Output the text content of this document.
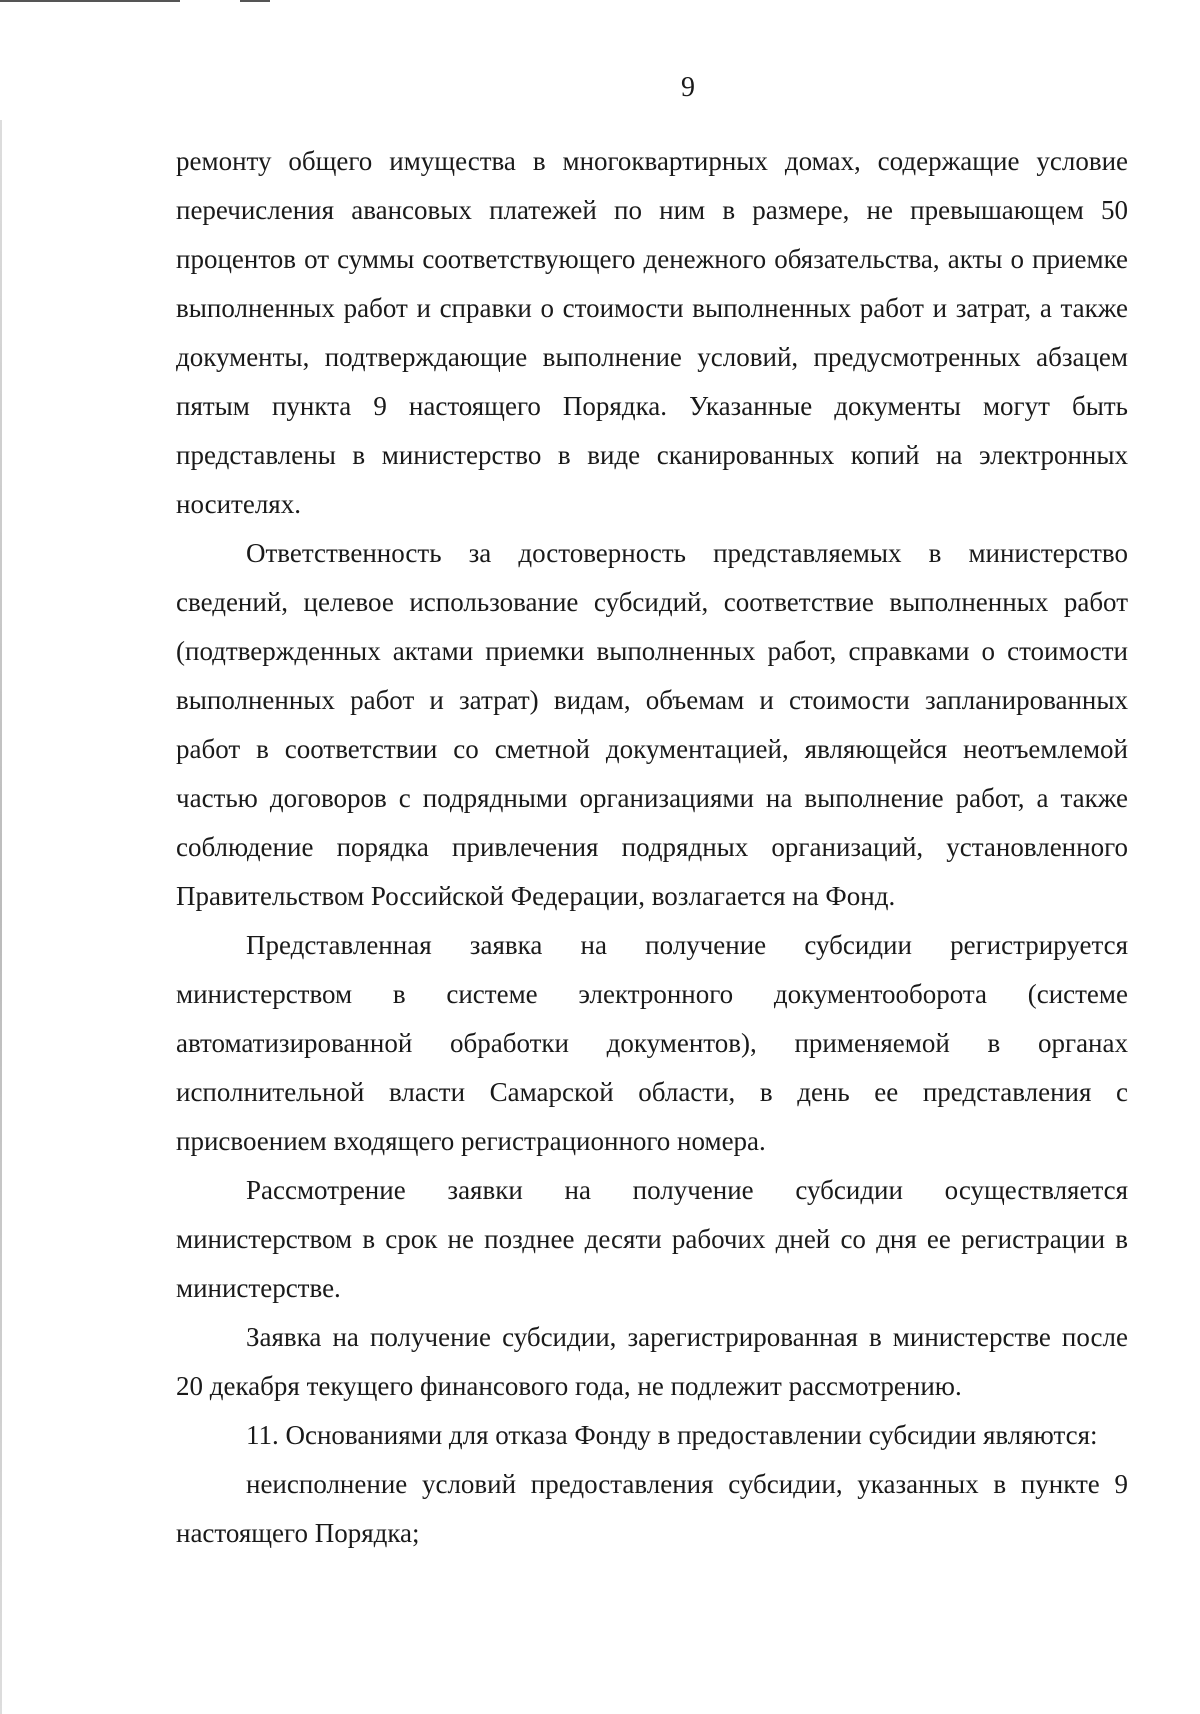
9

ремонту общего имущества в многоквартирных домах, содержащие условие перечисления авансовых платежей по ним в размере, не превышающем 50 процентов от суммы соответствующего денежного обязательства, акты о приемке выполненных работ и справки о стоимости выполненных работ и затрат, а также документы, подтверждающие выполнение условий, предусмотренных абзацем пятым пункта 9 настоящего Порядка. Указанные документы могут быть представлены в министерство в виде сканированных копий на электронных носителях.

Ответственность за достоверность представляемых в министерство сведений, целевое использование субсидий, соответствие выполненных работ (подтвержденных актами приемки выполненных работ, справками о стоимости выполненных работ и затрат) видам, объемам и стоимости запланированных работ в соответствии со сметной документацией, являющейся неотъемлемой частью договоров с подрядными организациями на выполнение работ, а также соблюдение порядка привлечения подрядных организаций, установленного Правительством Российской Федерации, возлагается на Фонд.

Представленная заявка на получение субсидии регистрируется министерством в системе электронного документооборота (системе автоматизированной обработки документов), применяемой в органах исполнительной власти Самарской области, в день ее представления с присвоением входящего регистрационного номера.

Рассмотрение заявки на получение субсидии осуществляется министерством в срок не позднее десяти рабочих дней со дня ее регистрации в министерстве.

Заявка на получение субсидии, зарегистрированная в министерстве после 20 декабря текущего финансового года, не подлежит рассмотрению.

11. Основаниями для отказа Фонду в предоставлении субсидии являются:

неисполнение условий предоставления субсидии, указанных в пункте 9 настоящего Порядка;
